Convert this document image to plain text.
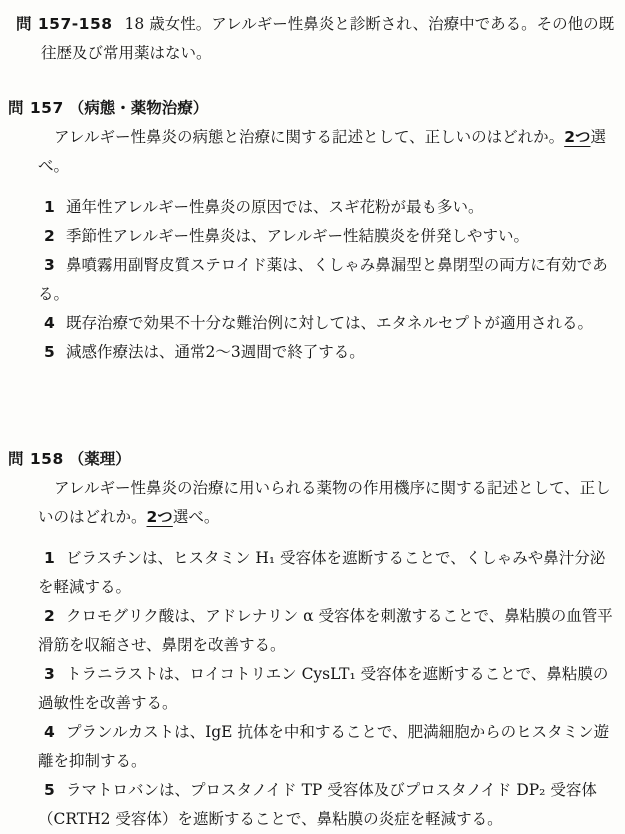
問 157-158 18 歳女性。アレルギー性鼻炎と診断され、治療中である。その他の既往歴及び常用薬はない。

問 157 （病態・薬物治療）

アレルギー性鼻炎の病態と治療に関する記述として、正しいのはどれか。2つ選べ。

1 通年性アレルギー性鼻炎の原因では、スギ花粉が最も多い。
2 季節性アレルギー性鼻炎は、アレルギー性結膜炎を併発しやすい。
3 鼻噴霧用副腎皮質ステロイド薬は、くしゃみ鼻漏型と鼻閉型の両方に有効である。
4 既存治療で効果不十分な難治例に対しては、エタネルセプトが適用される。
5 減感作療法は、通常2～3週間で終了する。
問 158 （薬理）

アレルギー性鼻炎の治療に用いられる薬物の作用機序に関する記述として、正しいのはどれか。2つ選べ。

1 ビラスチンは、ヒスタミン H₁ 受容体を遮断することで、くしゃみや鼻汁分泌を軽減する。
2 クロモグリク酸は、アドレナリン α 受容体を刺激することで、鼻粘膜の血管平滑筋を収縮させ、鼻閉を改善する。
3 トラニラストは、ロイコトリエン CysLT₁ 受容体を遮断することで、鼻粘膜の過敏性を改善する。
4 プランルカストは、IgE 抗体を中和することで、肥満細胞からのヒスタミン遊離を抑制する。
5 ラマトロバンは、プロスタノイド TP 受容体及びプロスタノイド DP₂ 受容体（CRTH2 受容体）を遮断することで、鼻粘膜の炎症を軽減する。
